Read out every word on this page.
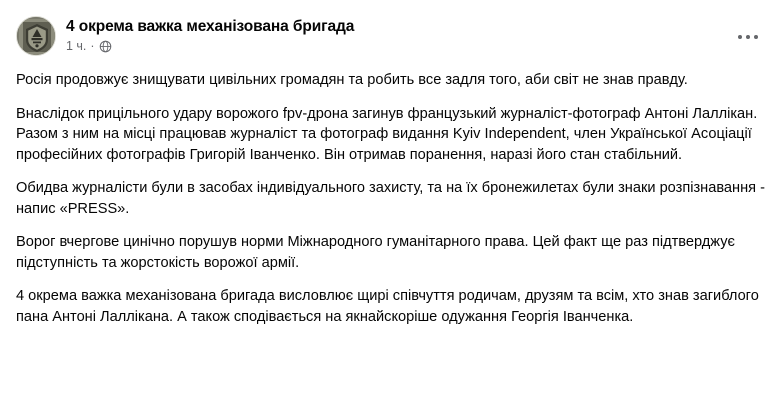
4 окрема важка механізована бригада
1 ч. ·

Росія продовжує знищувати цивільних громадян та робить все задля того, аби світ не знав правду.

Внаслідок прицільного удару ворожого fpv-дрона загинув французький журналіст-фотограф Антоні Лаллікан. Разом з ним на місці працював журналіст та фотограф видання Kyiv Independent, член Української Асоціації професійних фотографів Григорій Іванченко. Він отримав поранення, наразі його стан стабільний.

Обидва журналісти були в засобах індивідуального захисту, та на їх бронежилетах були знаки розпізнавання - напис «PRESS».

Ворог вчергове цинічно порушув норми Міжнародного гуманітарного права. Цей факт ще раз підтверджує підступність та жорстокість ворожої армії.

4 окрема важка механізована бригада висловлює щирі співчуття родичам, друзям та всім, хто знав загиблого пана Антоні Лаллікана. А також сподівається на якнайскоріше одужання Георгія Іванченка.
